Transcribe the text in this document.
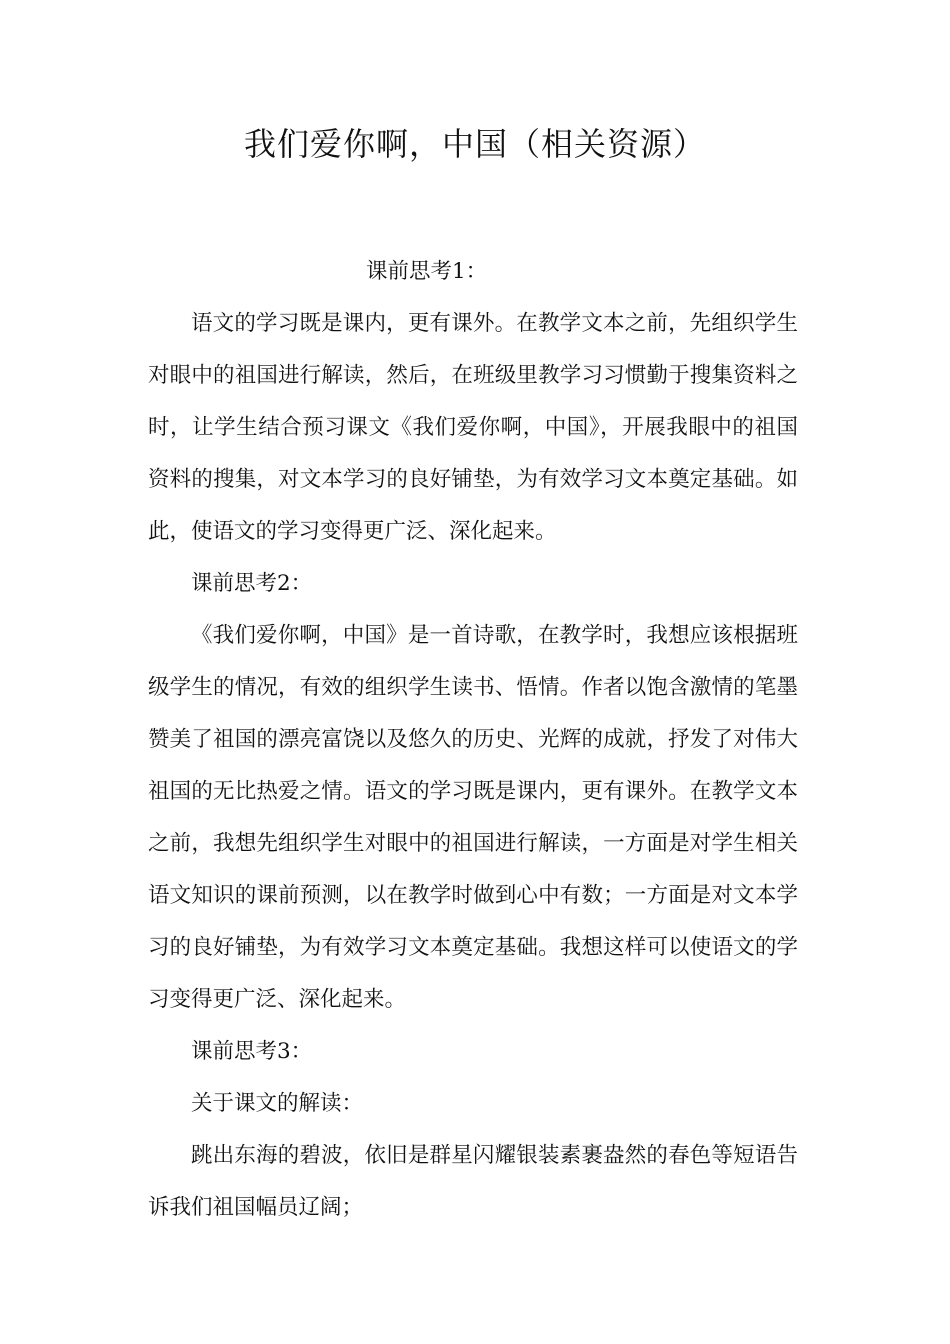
我们爱你啊，中国（相关资源）

课前思考1：

语文的学习既是课内，更有课外。在教学文本之前，先组织学生对眼中的祖国进行解读，然后，在班级里教学习习惯勤于搜集资料之时，让学生结合预习课文《我们爱你啊，中国》，开展我眼中的祖国资料的搜集，对文本学习的良好铺垫，为有效学习文本奠定基础。如此，使语文的学习变得更广泛、深化起来。

课前思考2：

《我们爱你啊，中国》是一首诗歌，在教学时，我想应该根据班级学生的情况，有效的组织学生读书、悟情。作者以饱含激情的笔墨赞美了祖国的漂亮富饶以及悠久的历史、光辉的成就，抒发了对伟大祖国的无比热爱之情。语文的学习既是课内，更有课外。在教学文本之前，我想先组织学生对眼中的祖国进行解读，一方面是对学生相关语文知识的课前预测，以在教学时做到心中有数；一方面是对文本学习的良好铺垫，为有效学习文本奠定基础。我想这样可以使语文的学习变得更广泛、深化起来。

课前思考3：

关于课文的解读：

跳出东海的碧波，依旧是群星闪耀银装素裹盎然的春色等短语告诉我们祖国幅员辽阔；
